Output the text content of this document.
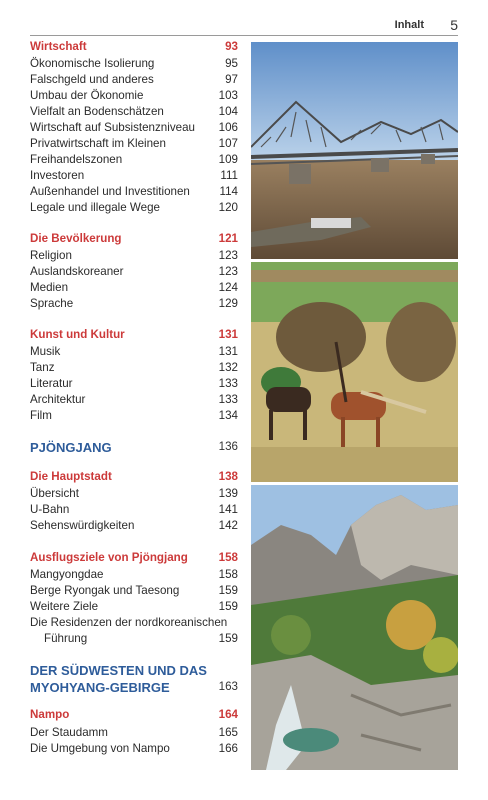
Inhalt 5
Wirtschaft	93
Ökonomische Isolierung	95
Falschgeld und anderes	97
Umbau der Ökonomie	103
Vielfalt an Bodenschätzen	104
Wirtschaft auf Subsistenzniveau 106
Privatwirtschaft im Kleinen	107
Freihandelszonen	109
Investoren	111
Außenhandel und Investitionen	114
Legale und illegale Wege	120
Die Bevölkerung	121
Religion	123
Auslandskoreaner	123
Medien	124
Sprache	129
Kunst und Kultur	131
Musik	131
Tanz	132
Literatur	133
Architektur	133
Film	134
PJÖNGJANG	136
Die Hauptstadt	138
Übersicht	139
U-Bahn	141
Sehenswürdigkeiten	142
Ausflugsziele von Pjöngjang	158
Mangyongdae	158
Berge Ryongak und Taesong	159
Weitere Ziele	159
Die Residenzen der nordkoreanischen
Führung	159
DER SÜDWESTEN UND DAS
MYOHYANG-GEBIRGE	163
Nampo	164
Der Staudamm	165
Die Umgebung von Nampo	166
